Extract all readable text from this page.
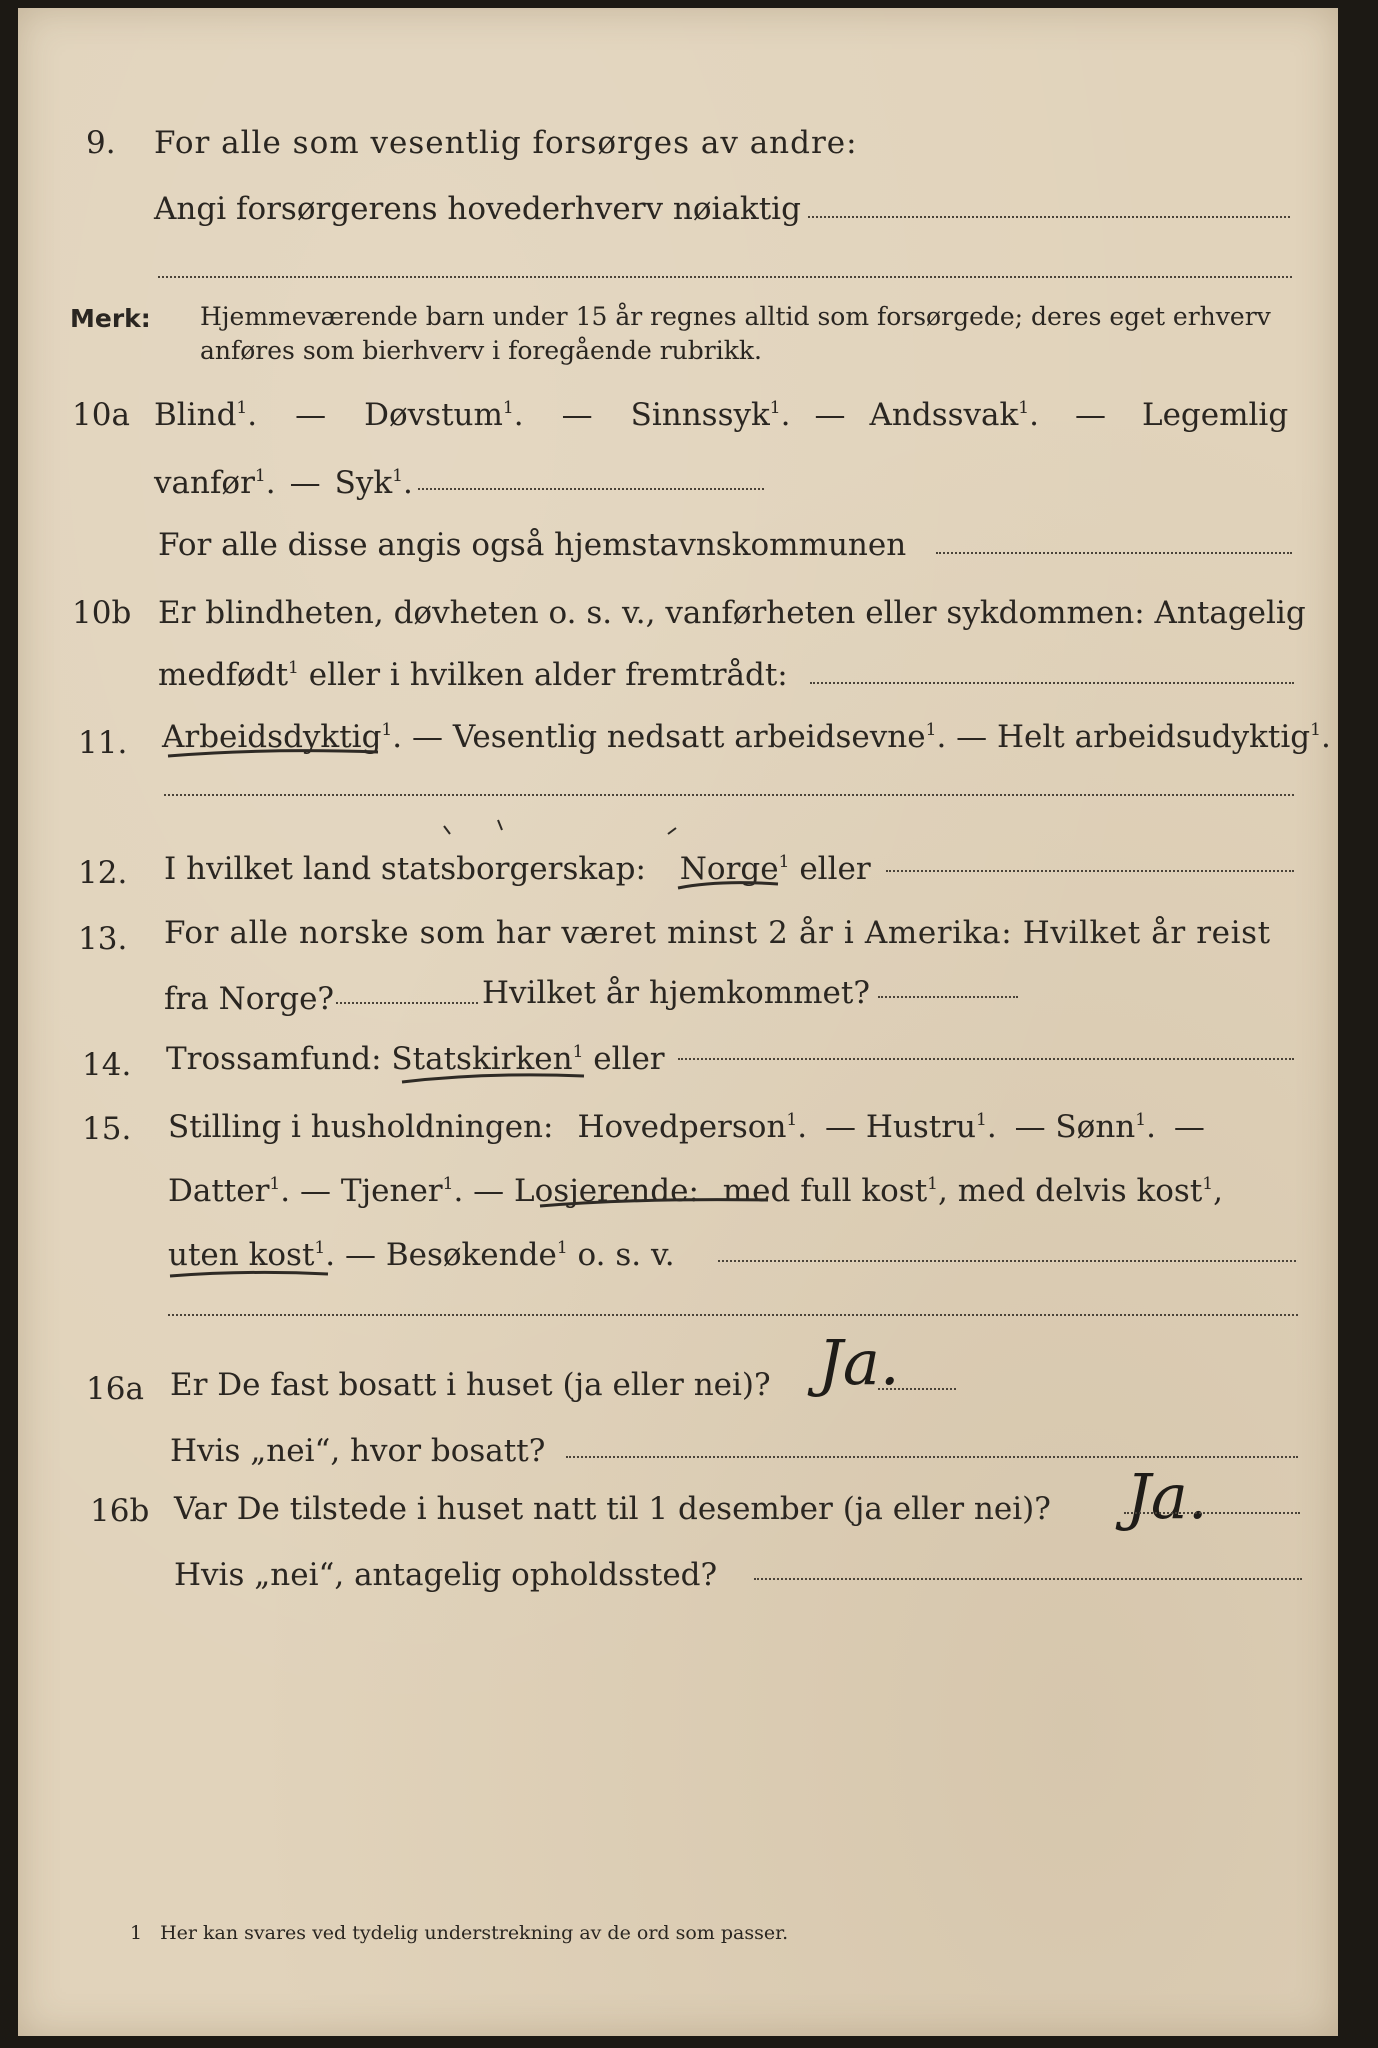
9. For alle som vesentlig forsørges av andre:
Angi forsørgerens hovederhverv nøiaktig
Merk: Hjemmeværende barn under 15 år regnes alltid som forsørgede; deres eget erhverv
anføres som bierhverv i foregående rubrikk.
10a Blind$^1$. — Døvstum$^1$. — Sinnssyk$^1$. — Andssvak$^1$. — Legemlig
vanfør$^1$. — Syk$^1$.
For alle disse angis også hjemstavnskommunen
10b Er blindheten, døvheten o. s. v., vanførheten eller sykdommen: Antagelig
medfødt$^1$ eller i hvilken alder fremtrådt:
11. Arbeidsdyktig$^1$. — Vesentlig nedsatt arbeidsevne$^1$. — Helt arbeidsudyktig$^1$.
12. I hvilket land statsborgerskap: Norge$^1$ eller
13. For alle norske som har været minst 2 år i Amerika: Hvilket år reist
fra Norge?	Hvilket år hjemkommet?
14. Trossamfund: Statskirken$^1$ eller
15. Stilling i husholdningen: Hovedperson$^1$. — Hustru$^1$. — Sønn$^1$. —
Datter$^1$. — Tjener$^1$. — Losjerende: med full kost$^1$, med delvis kost$^1$,
uten kost$^1$. — Besøkende$^1$ o. s. v.
16a Er De fast bosatt i huset (ja eller nei)? Ja.
Hvis „nei“, hvor bosatt?
16b Var De tilstede i huset natt til 1 desember (ja eller nei)? Ja.
Hvis „nei“, antagelig opholdssted?
1 Her kan svares ved tydelig understrekning av de ord som passer.
